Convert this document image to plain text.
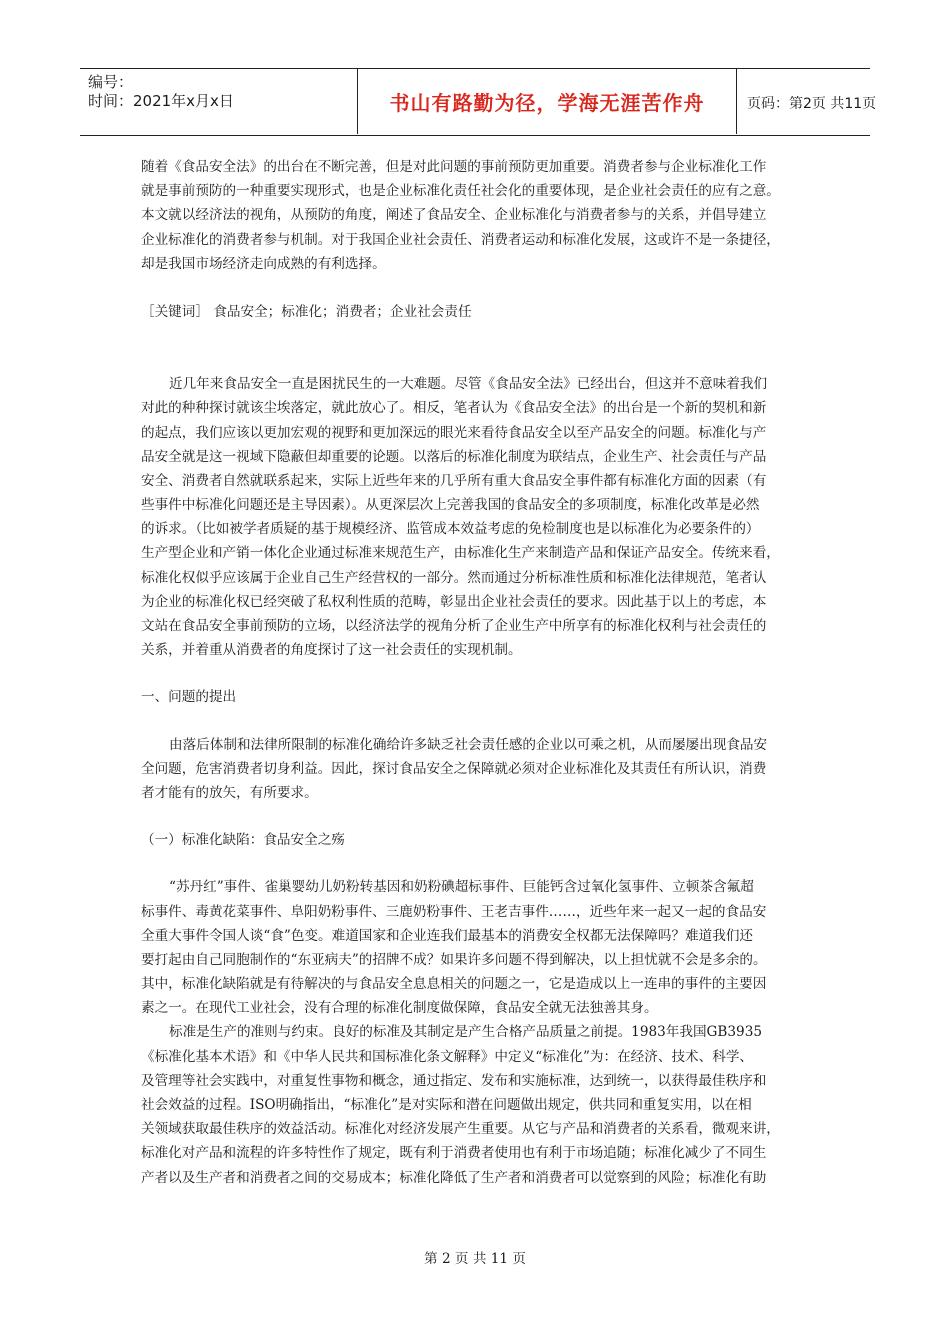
编号：
时间：2021年x月x日	书山有路勤为径，学海无涯苦作舟	页码：第2页 共11页
随着《食品安全法》的出台在不断完善，但是对此问题的事前预防更加重要。消费者参与企业标准化工作
就是事前预防的一种重要实现形式，也是企业标准化责任社会化的重要体现，是企业社会责任的应有之意。
本文就以经济法的视角，从预防的角度，阐述了食品安全、企业标准化与消费者参与的关系，并倡导建立
企业标准化的消费者参与机制。对于我国企业社会责任、消费者运动和标准化发展，这或许不是一条捷径，
却是我国市场经济走向成熟的有利选择。
［关键词］ 食品安全；标准化；消费者；企业社会责任
近几年来食品安全一直是困扰民生的一大难题。尽管《食品安全法》已经出台，但这并不意味着我们
对此的种种探讨就该尘埃落定，就此放心了。相反，笔者认为《食品安全法》的出台是一个新的契机和新
的起点，我们应该以更加宏观的视野和更加深远的眼光来看待食品安全以至产品安全的问题。标准化与产
品安全就是这一视域下隐蔽但却重要的论题。以落后的标准化制度为联结点，企业生产、社会责任与产品
安全、消费者自然就联系起来，实际上近些年来的几乎所有重大食品安全事件都有标准化方面的因素（有
些事件中标准化问题还是主导因素）。从更深层次上完善我国的食品安全的多项制度，标准化改革是必然
的诉求。（比如被学者质疑的基于规模经济、监管成本效益考虑的免检制度也是以标准化为必要条件的）
生产型企业和产销一体化企业通过标准来规范生产，由标准化生产来制造产品和保证产品安全。传统来看，
标准化权似乎应该属于企业自己生产经营权的一部分。然而通过分析标准性质和标准化法律规范，笔者认
为企业的标准化权已经突破了私权利性质的范畴，彰显出企业社会责任的要求。因此基于以上的考虑，本
文站在食品安全事前预防的立场，以经济法学的视角分析了企业生产中所享有的标准化权利与社会责任的
关系，并着重从消费者的角度探讨了这一社会责任的实现机制。
一、问题的提出
由落后体制和法律所限制的标准化确给许多缺乏社会责任感的企业以可乘之机，从而屡屡出现食品安
全问题，危害消费者切身利益。因此，探讨食品安全之保障就必须对企业标准化及其责任有所认识，消费
者才能有的放矢，有所要求。
（一）标准化缺陷：食品安全之殇
“苏丹红”事件、雀巢婴幼儿奶粉转基因和奶粉碘超标事件、巨能钙含过氧化氢事件、立顿茶含氟超
标事件、毒黄花菜事件、阜阳奶粉事件、三鹿奶粉事件、王老吉事件……，近些年来一起又一起的食品安
全重大事件令国人谈“食”色变。难道国家和企业连我们最基本的消费安全权都无法保障吗？难道我们还
要打起由自己同胞制作的“东亚病夫”的招牌不成？如果许多问题不得到解决，以上担忧就不会是多余的。
其中，标准化缺陷就是有待解决的与食品安全息息相关的问题之一，它是造成以上一连串的事件的主要因
素之一。在现代工业社会，没有合理的标准化制度做保障，食品安全就无法独善其身。
标准是生产的准则与约束。良好的标准及其制定是产生合格产品质量之前提。1983年我国GB3935
《标准化基本术语》和《中华人民共和国标准化条文解释》中定义“标准化”为：在经济、技术、科学、
及管理等社会实践中，对重复性事物和概念，通过指定、发布和实施标准，达到统一，以获得最佳秩序和
社会效益的过程。ISO明确指出，“标准化”是对实际和潜在问题做出规定，供共同和重复实用，以在相
关领域获取最佳秩序的效益活动。标准化对经济发展产生重要。从它与产品和消费者的关系看，微观来讲，
标准化对产品和流程的许多特性作了规定，既有利于消费者使用也有利于市场追随；标准化减少了不同生
产者以及生产者和消费者之间的交易成本；标准化降低了生产者和消费者可以觉察到的风险；标准化有助
第 2 页 共 11 页
